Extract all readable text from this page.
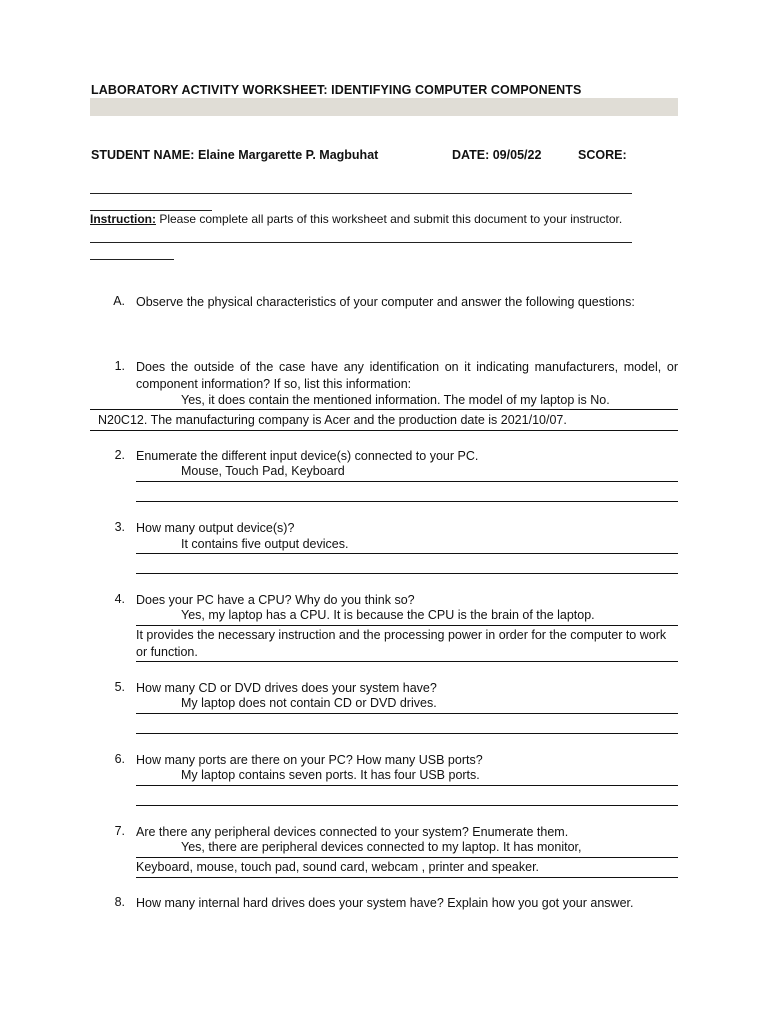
LABORATORY ACTIVITY WORKSHEET: IDENTIFYING COMPUTER COMPONENTS
STUDENT NAME: Elaine Margarette P. Magbuhat	DATE: 09/05/22	SCORE:
Instruction: Please complete all parts of this worksheet and submit this document to your instructor.
A. Observe the physical characteristics of your computer and answer the following questions:
1. Does the outside of the case have any identification on it indicating manufacturers, model, or component information? If so, list this information:
Yes, it does contain the mentioned information. The model of my laptop is No.
N20C12. The manufacturing company is Acer and the production date is 2021/10/07.
2. Enumerate the different input device(s) connected to your PC.
Mouse, Touch Pad, Keyboard
3. How many output device(s)?
It contains five output devices.
4. Does your PC have a CPU? Why do you think so?
Yes, my laptop has a CPU. It is because the CPU is the brain of the laptop.
It provides the necessary instruction and the processing power in order for the computer to work or function.
5. How many CD or DVD drives does your system have?
My laptop does not contain CD or DVD drives.
6. How many ports are there on your PC? How many USB ports?
My laptop contains seven ports. It has four USB ports.
7. Are there any peripheral devices connected to your system? Enumerate them.
Yes, there are peripheral devices connected to my laptop. It has monitor,
Keyboard, mouse, touch pad, sound card, webcam , printer and speaker.
8. How many internal hard drives does your system have? Explain how you got your answer.
